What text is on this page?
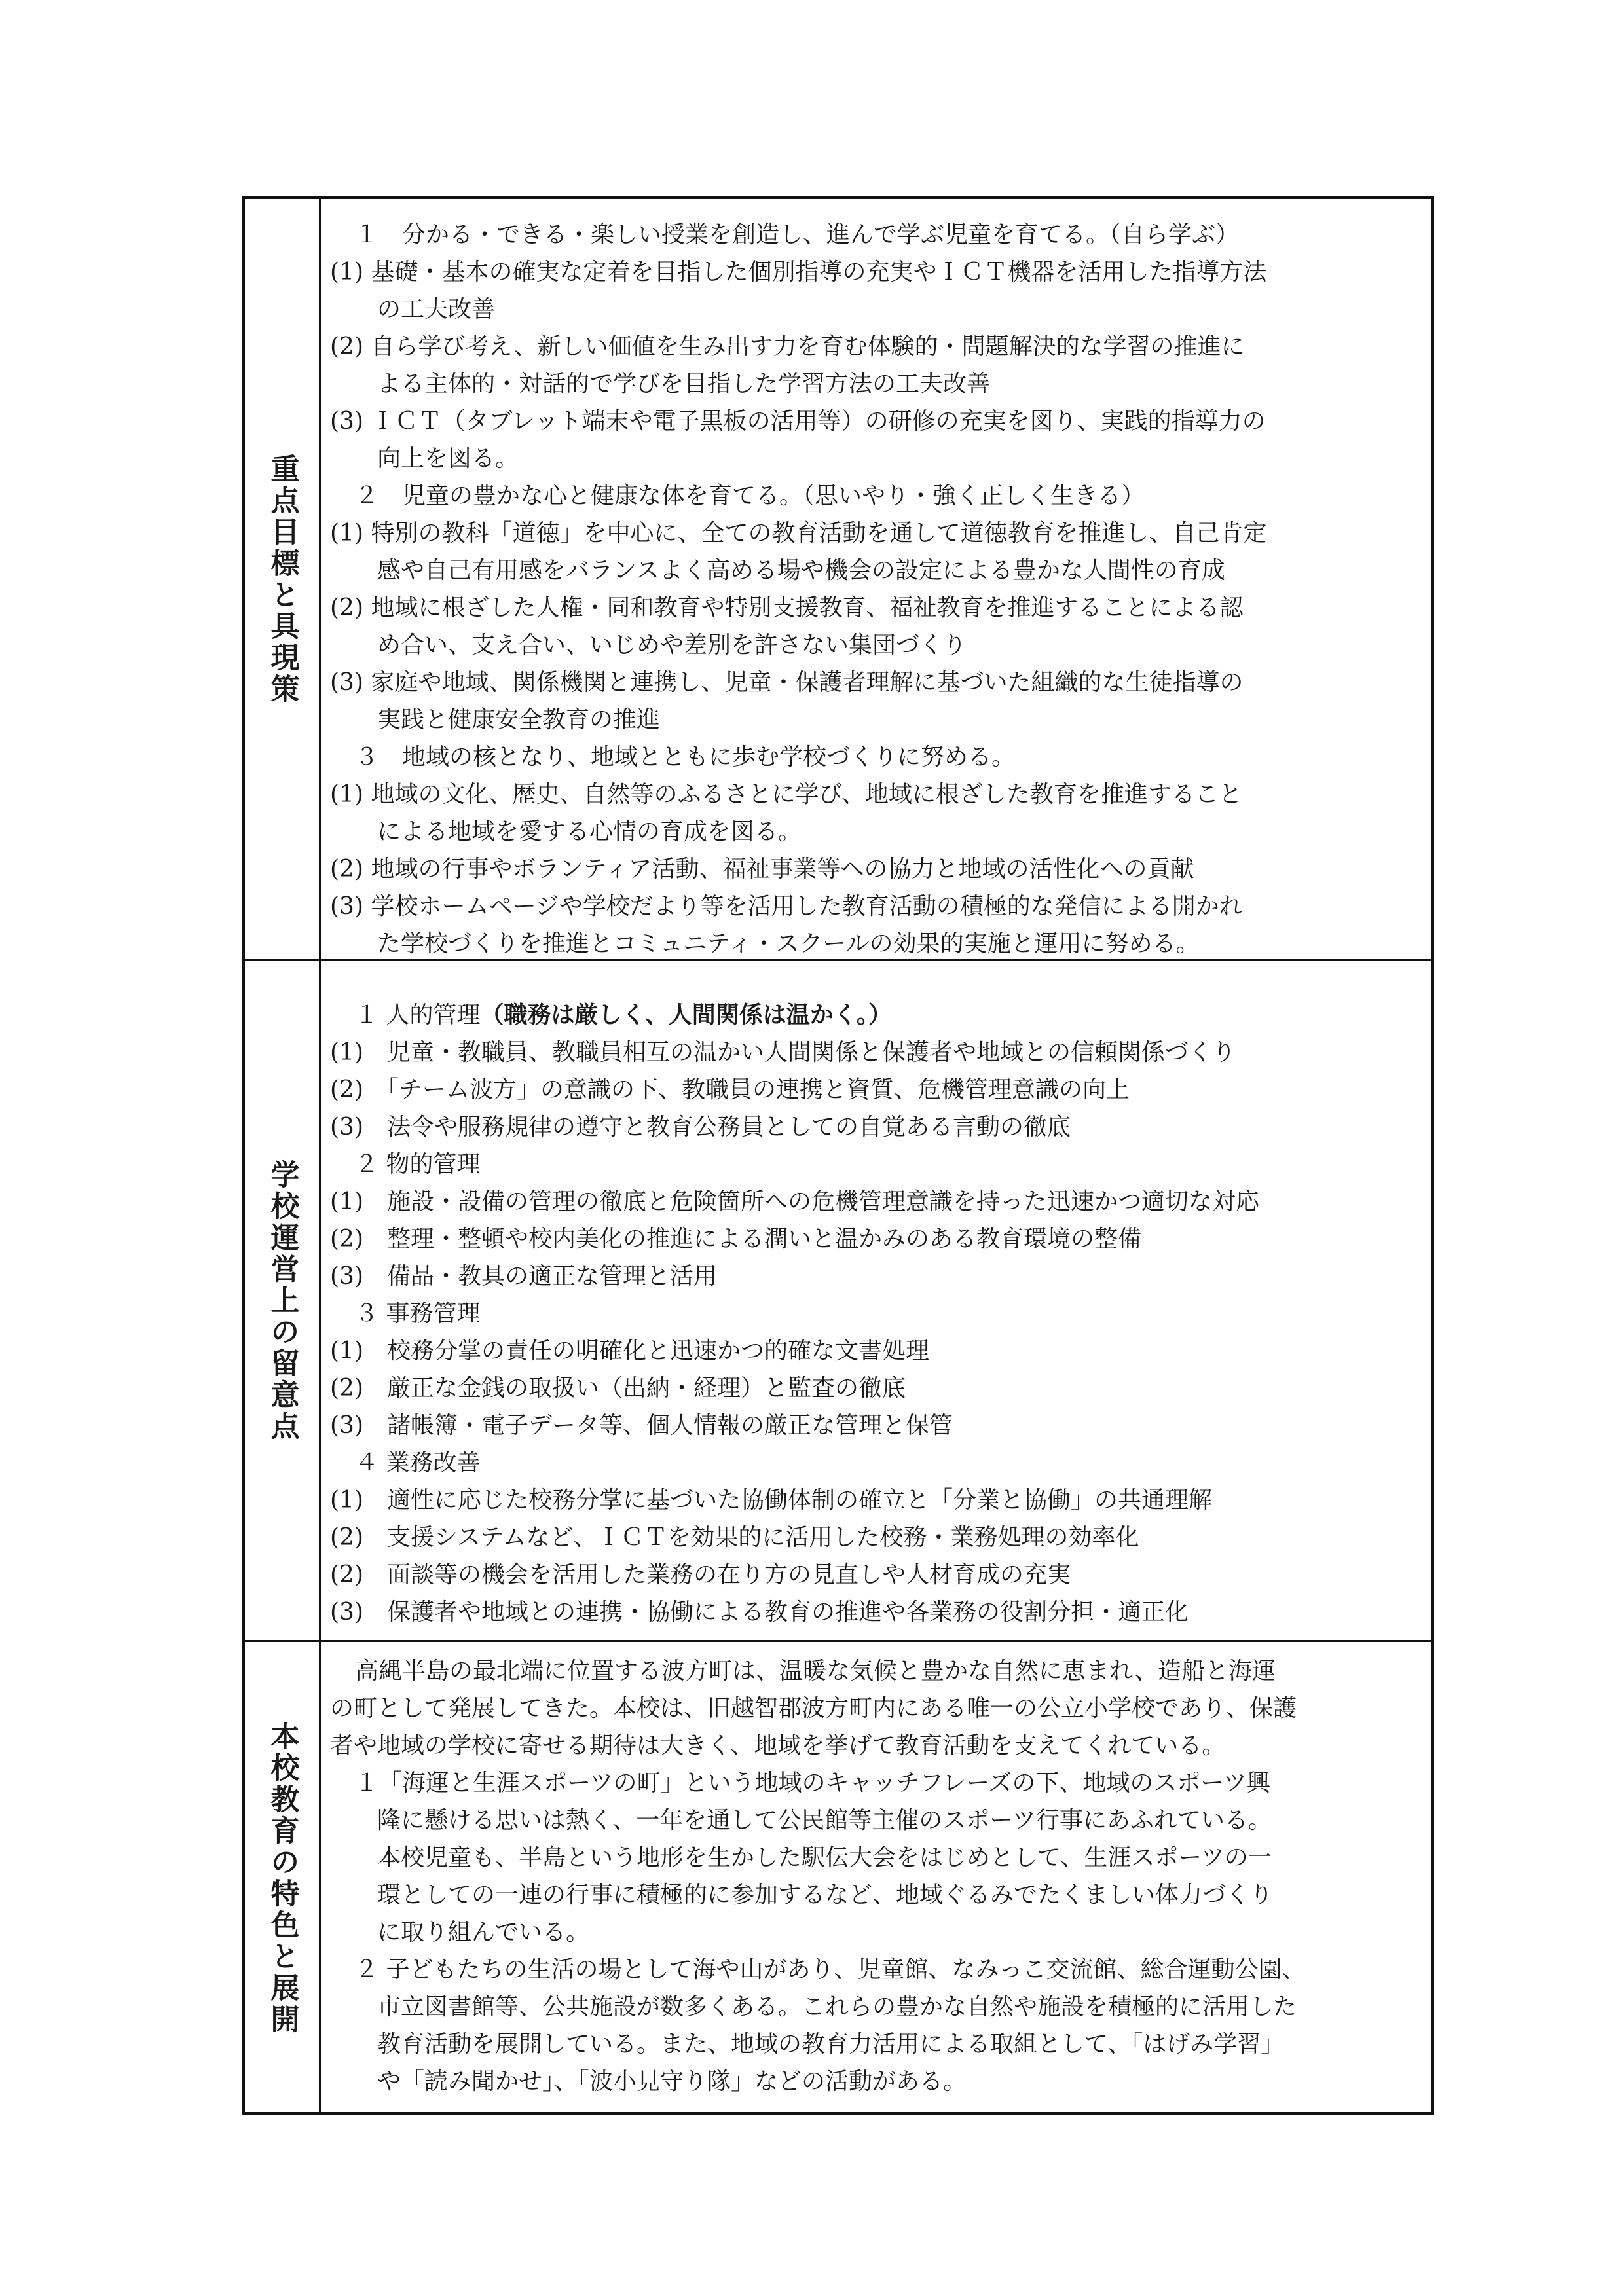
重点目標と具現策
１　分かる・できる・楽しい授業を創造し、進んで学ぶ児童を育てる。（自ら学ぶ）
(1) 基礎・基本の確実な定着を目指した個別指導の充実やＩＣＴ機器を活用した指導方法
の工夫改善
(2) 自ら学び考え、新しい価値を生み出す力を育む体験的・問題解決的な学習の推進に
よる主体的・対話的で学びを目指した学習方法の工夫改善
(3) ＩＣＴ（タブレット端末や電子黒板の活用等）の研修の充実を図り、実践的指導力の
向上を図る。
２　児童の豊かな心と健康な体を育てる。（思いやり・強く正しく生きる）
(1) 特別の教科「道徳」を中心に、全ての教育活動を通して道徳教育を推進し、自己肯定
感や自己有用感をバランスよく高める場や機会の設定による豊かな人間性の育成
(2) 地域に根ざした人権・同和教育や特別支援教育、福祉教育を推進することによる認
め合い、支え合い、いじめや差別を許さない集団づくり
(3) 家庭や地域、関係機関と連携し、児童・保護者理解に基づいた組織的な生徒指導の
実践と健康安全教育の推進
３　地域の核となり、地域とともに歩む学校づくりに努める。
(1) 地域の文化、歴史、自然等のふるさとに学び、地域に根ざした教育を推進すること
による地域を愛する心情の育成を図る。
(2) 地域の行事やボランティア活動、福祉事業等への協力と地域の活性化への貢献
(3) 学校ホームページや学校だより等を活用した教育活動の積極的な発信による開かれ
た学校づくりを推進とコミュニティ・スクールの効果的実施と運用に努める。
学校運営上の留意点
１ 人的管理（職務は厳しく、人間関係は温かく。）
(1)　児童・教職員、教職員相互の温かい人間関係と保護者や地域との信頼関係づくり
(2)　「チーム波方」の意識の下、教職員の連携と資質、危機管理意識の向上
(3)　法令や服務規律の遵守と教育公務員としての自覚ある言動の徹底
２ 物的管理
(1)　施設・設備の管理の徹底と危険箇所への危機管理意識を持った迅速かつ適切な対応
(2)　整理・整頓や校内美化の推進による潤いと温かみのある教育環境の整備
(3)　備品・教具の適正な管理と活用
３ 事務管理
(1)　校務分掌の責任の明確化と迅速かつ的確な文書処理
(2)　厳正な金銭の取扱い（出納・経理）と監査の徹底
(3)　諸帳簿・電子データ等、個人情報の厳正な管理と保管
４ 業務改善
(1)　適性に応じた校務分掌に基づいた協働体制の確立と「分業と協働」の共通理解
(2)　支援システムなど、ＩＣＴを効果的に活用した校務・業務処理の効率化
(2)　面談等の機会を活用した業務の在り方の見直しや人材育成の充実
(3)　保護者や地域との連携・協働による教育の推進や各業務の役割分担・適正化
本校教育の特色と展開
高縄半島の最北端に位置する波方町は、温暖な気候と豊かな自然に恵まれ、造船と海運
の町として発展してきた。本校は、旧越智郡波方町内にある唯一の公立小学校であり、保護
者や地域の学校に寄せる期待は大きく、地域を挙げて教育活動を支えてくれている。
１「海運と生涯スポーツの町」という地域のキャッチフレーズの下、地域のスポーツ興
隆に懸ける思いは熱く、一年を通して公民館等主催のスポーツ行事にあふれている。
本校児童も、半島という地形を生かした駅伝大会をはじめとして、生涯スポーツの一
環としての一連の行事に積極的に参加するなど、地域ぐるみでたくましい体力づくり
に取り組んでいる。
２ 子どもたちの生活の場として海や山があり、児童館、なみっこ交流館、総合運動公園、
市立図書館等、公共施設が数多くある。これらの豊かな自然や施設を積極的に活用した
教育活動を展開している。また、地域の教育力活用による取組として、「はげみ学習」
や「読み聞かせ」、「波小見守り隊」などの活動がある。
